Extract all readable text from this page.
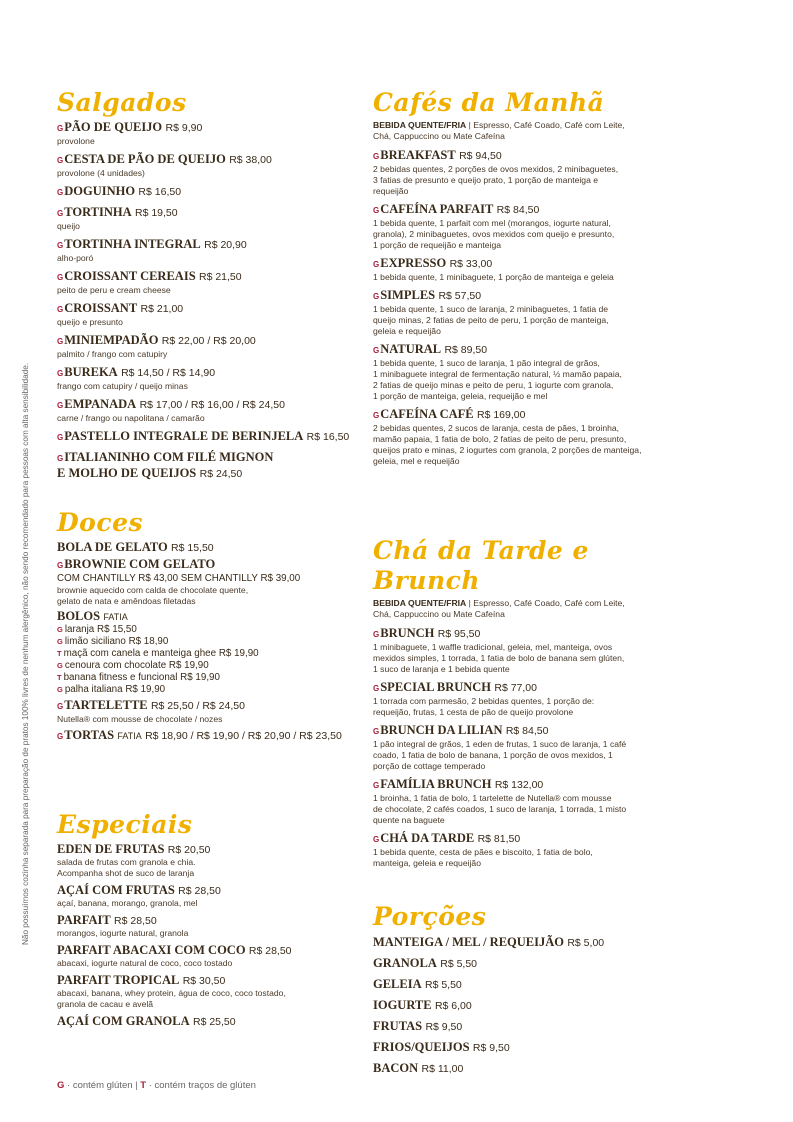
Não possuímos cozinha separada para preparação de pratos 100% livres de nenhum alergênico, não sendo recomendado para pessoas com alta sensibilidade.
Salgados
GPÃO DE QUEIJO R$ 9,90
provolone
GCESTA DE PÃO DE QUEIJO R$ 38,00
provolone (4 unidades)
GDOGUINHO R$ 16,50
GTORTINHA R$ 19,50
queijo
GTORTINHA INTEGRAL R$ 20,90
alho-poró
GCROISSANT CEREAIS R$ 21,50
peito de peru e cream cheese
GCROISSANT R$ 21,00
queijo e presunto
GMINIEMPADÃO R$ 22,00 / R$ 20,00
palmito / frango com catupiry
GBUREKA R$ 14,50 / R$ 14,90
frango com catupiry / queijo minas
GEMPANADA R$ 17,00 / R$ 16,00 / R$ 24,50
carne / frango ou napolitana / camarão
GPASTELLO INTEGRALE DE BERINJELA R$ 16,50
GITALIANINHO COM FILÉ MIGNON
E MOLHO DE QUEIJOS R$ 24,50
Doces
BOLA DE GELATO R$ 15,50
GBROWNIE COM GELATO
COM CHANTILLY R$ 43,00 SEM CHANTILLY R$ 39,00
brownie aquecido com calda de chocolate quente,
gelato de nata e amêndoas filetadas
BOLOS FATIA
G laranja R$ 15,50
G limão siciliano R$ 18,90
T maçã com canela e manteiga ghee R$ 19,90
G cenoura com chocolate R$ 19,90
T banana fitness e funcional R$ 19,90
G palha italiana R$ 19,90
GTARTELETTE R$ 25,50 / R$ 24,50
Nutella® com mousse de chocolate / nozes
GTORTAS FATIA R$ 18,90 / R$ 19,90 / R$ 20,90 / R$ 23,50
Especiais
EDEN DE FRUTAS R$ 20,50
salada de frutas com granola e chia.
Acompanha shot de suco de laranja
AÇAÍ COM FRUTAS R$ 28,50
açaí, banana, morango, granola, mel
PARFAIT R$ 28,50
morangos, iogurte natural, granola
PARFAIT ABACAXI COM COCO R$ 28,50
abacaxi, iogurte natural de coco, coco tostado
PARFAIT TROPICAL R$ 30,50
abacaxi, banana, whey protein, água de coco, coco tostado,
granola de cacau e avelã
AÇAÍ COM GRANOLA R$ 25,50
Cafés da Manhã
BEBIDA QUENTE/FRIA | Espresso, Café Coado, Café com Leite,
Chá, Cappuccino ou Mate Cafeína
GBREAKFAST R$ 94,50
2 bebidas quentes, 2 porções de ovos mexidos, 2 minibaguetes,
3 fatias de presunto e queijo prato, 1 porção de manteiga e
requeijão
GCAFEÍNA PARFAIT R$ 84,50
1 bebida quente, 1 parfait com mel (morangos, iogurte natural,
granola), 2 minibaguetes, ovos mexidos com queijo e presunto,
1 porção de requeijão e manteiga
GEXPRESSO R$ 33,00
1 bebida quente, 1 minibaguete, 1 porção de manteiga e geleia
GSIMPLES R$ 57,50
1 bebida quente, 1 suco de laranja, 2 minibaguetes, 1 fatia de
queijo minas, 2 fatias de peito de peru, 1 porção de manteiga,
geleia e requeijão
GNATURAL R$ 89,50
1 bebida quente, 1 suco de laranja, 1 pão integral de grãos,
1 minibaguete integral de fermentação natural, ½ mamão papaia,
2 fatias de queijo minas e peito de peru, 1 iogurte com granola,
1 porção de manteiga, geleia, requeijão e mel
GCAFEÍNA CAFÉ R$ 169,00
2 bebidas quentes, 2 sucos de laranja, cesta de pães, 1 broinha,
mamão papaia, 1 fatia de bolo, 2 fatias de peito de peru, presunto,
queijos prato e minas, 2 iogurtes com granola, 2 porções de manteiga,
geleia, mel e requeijão
Chá da Tarde e Brunch
BEBIDA QUENTE/FRIA | Espresso, Café Coado, Café com Leite,
Chá, Cappuccino ou Mate Cafeína
GBRUNCH R$ 95,50
1 minibaguete, 1 waffle tradicional, geleia, mel, manteiga, ovos
mexidos simples, 1 torrada, 1 fatia de bolo de banana sem glúten,
1 suco de laranja e 1 bebida quente
GSPECIAL BRUNCH R$ 77,00
1 torrada com parmesão, 2 bebidas quentes, 1 porção de:
requeijão, frutas, 1 cesta de pão de queijo provolone
GBRUNCH DA LILIAN R$ 84,50
1 pão integral de grãos, 1 eden de frutas, 1 suco de laranja, 1 café
coado, 1 fatia de bolo de banana, 1 porção de ovos mexidos, 1
porção de cottage temperado
GFAMÍLIA BRUNCH R$ 132,00
1 broinha, 1 fatia de bolo, 1 tartelette de Nutella® com mousse
de chocolate, 2 cafés coados, 1 suco de laranja, 1 torrada, 1 misto
quente na baguete
GCHÁ DA TARDE R$ 81,50
1 bebida quente, cesta de pães e biscoito, 1 fatia de bolo,
manteiga, geleia e requeijão
Porções
MANTEIGA / MEL / REQUEIJÃO R$ 5,00
GRANOLA R$ 5,50
GELEIA R$ 5,50
IOGURTE R$ 6,00
FRUTAS R$ 9,50
FRIOS/QUEIJOS R$ 9,50
BACON R$ 11,00
G · contém glúten | T · contém traços de glúten
